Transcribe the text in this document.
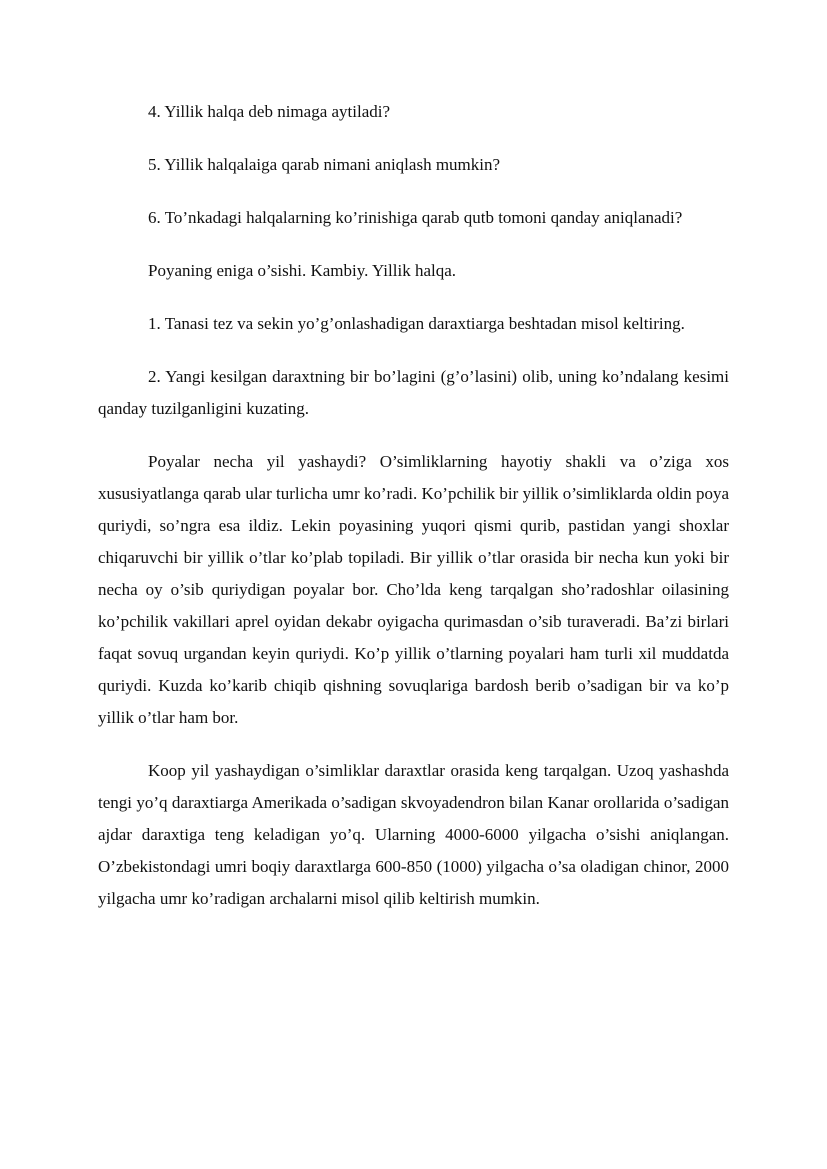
4. Yillik halqa deb nimaga aytiladi?

5. Yillik halqalaiga qarab nimani aniqlash mumkin?

6. To’nkadagi halqalarning ko’rinishiga qarab qutb tomoni qanday aniqlanadi?

Poyaning eniga o’sishi. Kambiy. Yillik halqa.

1. Tanasi tez va sekin yo’g’onlashadigan daraxtiarga beshtadan misol keltiring.

2. Yangi kesilgan daraxtning bir bo’lagini (g’o’lasini) olib, uning ko’ndalang kesimi qanday tuzilganligini kuzating.

Poyalar necha yil yashaydi? O’simliklarning hayotiy shakli va o’ziga xos xususiyatlanga qarab ular turlicha umr ko’radi. Ko’pchilik bir yillik o’simliklarda oldin poya quriydi, so’ngra esa ildiz. Lekin poyasining yuqori qismi qurib, pastidan yangi shoxlar chiqaruvchi bir yillik o’tlar ko’plab topiladi. Bir yillik o’tlar orasida bir necha kun yoki bir necha oy o’sib quriydigan poyalar bor. Cho’lda keng tarqalgan sho’radoshlar oilasining ko’pchilik vakillari aprel oyidan dekabr oyigacha qurimasdan o’sib turaveradi. Ba’zi birlari faqat sovuq urgandan keyin quriydi. Ko’p yillik o’tlarning poyalari ham turli xil muddatda quriydi. Kuzda ko’karib chiqib qishning sovuqlariga bardosh berib o’sadigan bir va ko’p yillik o’tlar ham bor.

Koop yil yashaydigan o’simliklar daraxtlar orasida keng tarqalgan. Uzoq yashashda tengi yo’q daraxtiarga Amerikada o’sadigan skvoyadendron bilan Kanar orollarida o’sadigan ajdar daraxtiga teng keladigan yo’q. Ularning 4000-6000 yilgacha o’sishi aniqlangan. O’zbekistondagi umri boqiy daraxtlarga 600-850 (1000) yilgacha o’sa oladigan chinor, 2000 yilgacha umr ko’radigan archalarni misol qilib keltirish mumkin.
